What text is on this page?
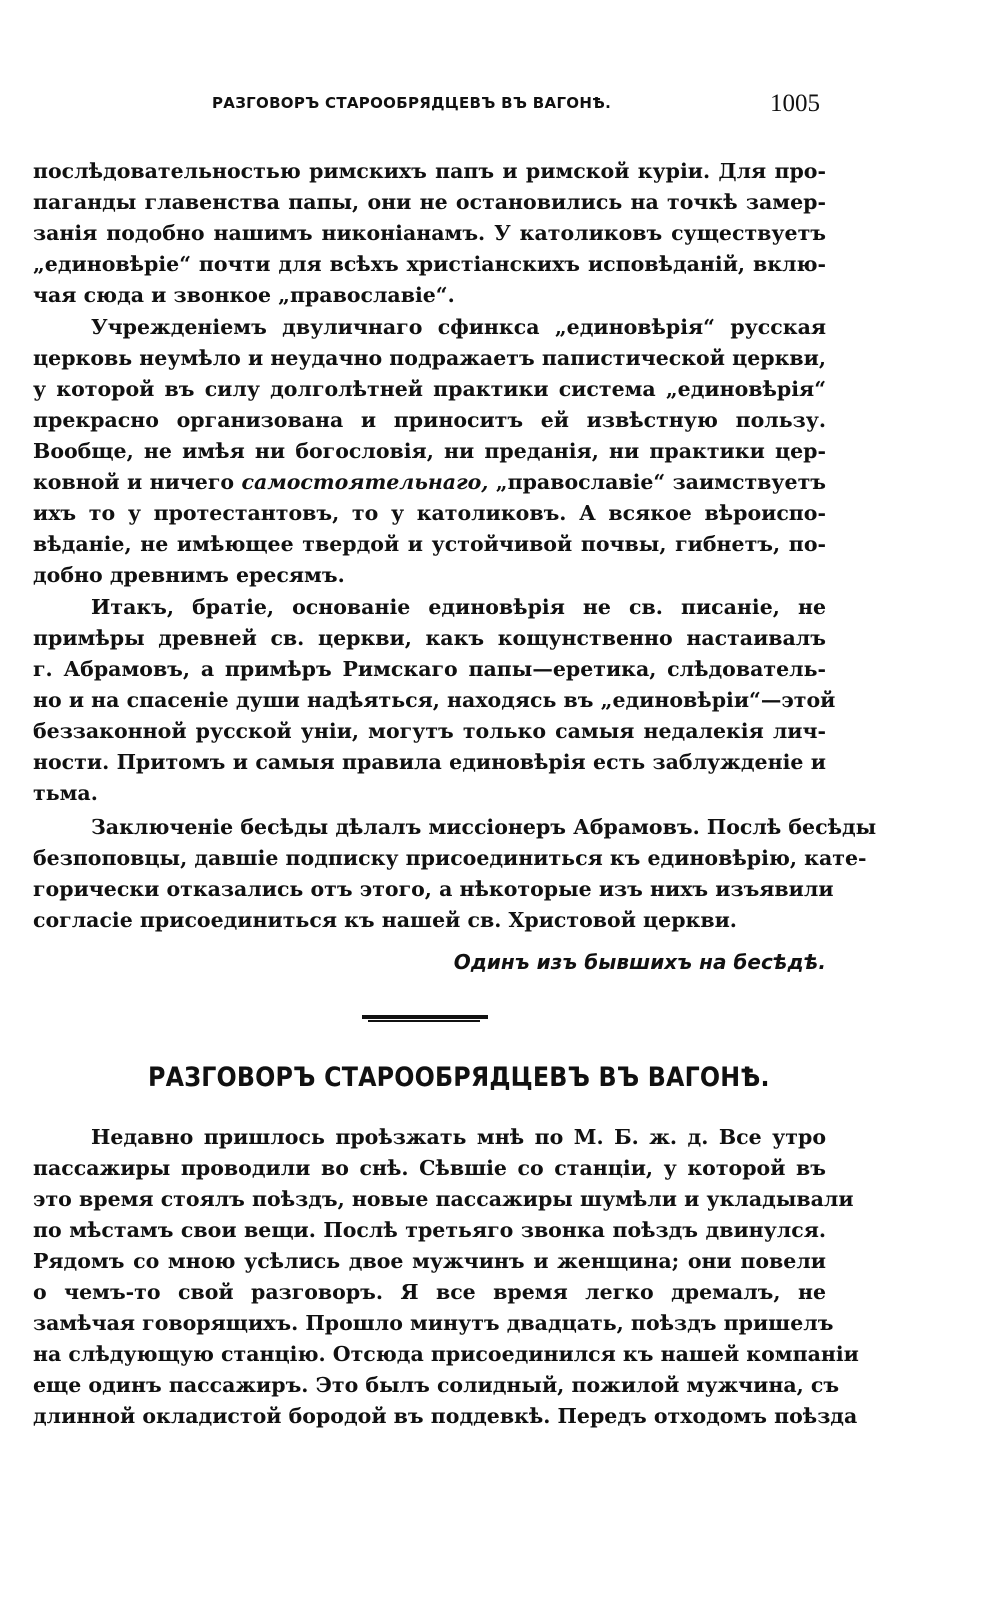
РАЗГОВОРЪ СТАРООБРЯДЦЕВЪ ВЪ ВАГОНѢ.	1005
послѣдовательностью римскихъ папъ и римской куріи. Для про-
паганды главенства папы, они не остановились на точкѣ замер-
занія подобно нашимъ никоніанамъ. У католиковъ существуетъ
„единовѣріе“ почти для всѣхъ христіанскихъ исповѣданій, вклю-
чая сюда и звонкое „православіе“.
Учрежденіемъ двуличнаго сфинкса „единовѣрія“ русская
церковь неумѣло и неудачно подражаетъ папистической церкви,
у которой въ силу долголѣтней практики система „единовѣрія“
прекрасно организована и приноситъ ей извѣстную пользу.
Вообще, не имѣя ни богословія, ни преданія, ни практики цер-
ковной и ничего самостоятельнаго, „православіе“ заимствуетъ
ихъ то у протестантовъ, то у католиковъ. А всякое вѣроиспо-
вѣданіе, не имѣющее твердой и устойчивой почвы, гибнетъ, по-
добно древнимъ ересямъ.
Итакъ, братіе, основаніе единовѣрія не св. писаніе, не
примѣры древней св. церкви, какъ кощунственно настаивалъ
г. Абрамовъ, а примѣръ Римскаго папы—еретика, слѣдователь-
но и на спасеніе души надѣяться, находясь въ „единовѣріи“—этой
беззаконной русской уніи, могутъ только самыя недалекія лич-
ности. Притомъ и самыя правила единовѣрія есть заблужденіе и
тьма.
Заключеніе бесѣды дѣлалъ миссіонеръ Абрамовъ. Послѣ бесѣды
безпоповцы, давшіе подписку присоединиться къ единовѣрію, кате-
горически отказались отъ этого, а нѣкоторые изъ нихъ изъявили
согласіе присоединиться къ нашей св. Христовой церкви.
Одинъ изъ бывшихъ на бесѣдѣ.
РАЗГОВОРЪ СТАРООБРЯДЦЕВЪ ВЪ ВАГОНѢ.
Недавно пришлось проѣзжать мнѣ по М. Б. ж. д. Все утро
пассажиры проводили во снѣ. Сѣвшіе со станціи, у которой въ
это время стоялъ поѣздъ, новые пассажиры шумѣли и укладывали
по мѣстамъ свои вещи. Послѣ третьяго звонка поѣздъ двинулся.
Рядомъ со мною усѣлись двое мужчинъ и женщина; они повели
о чемъ-то свой разговоръ. Я все время легко дремалъ, не
замѣчая говорящихъ. Прошло минутъ двадцать, поѣздъ пришелъ
на слѣдующую станцію. Отсюда присоединился къ нашей компаніи
еще одинъ пассажиръ. Это былъ солидный, пожилой мужчина, съ
длинной окладистой бородой въ поддевкѣ. Передъ отходомъ поѣзда
